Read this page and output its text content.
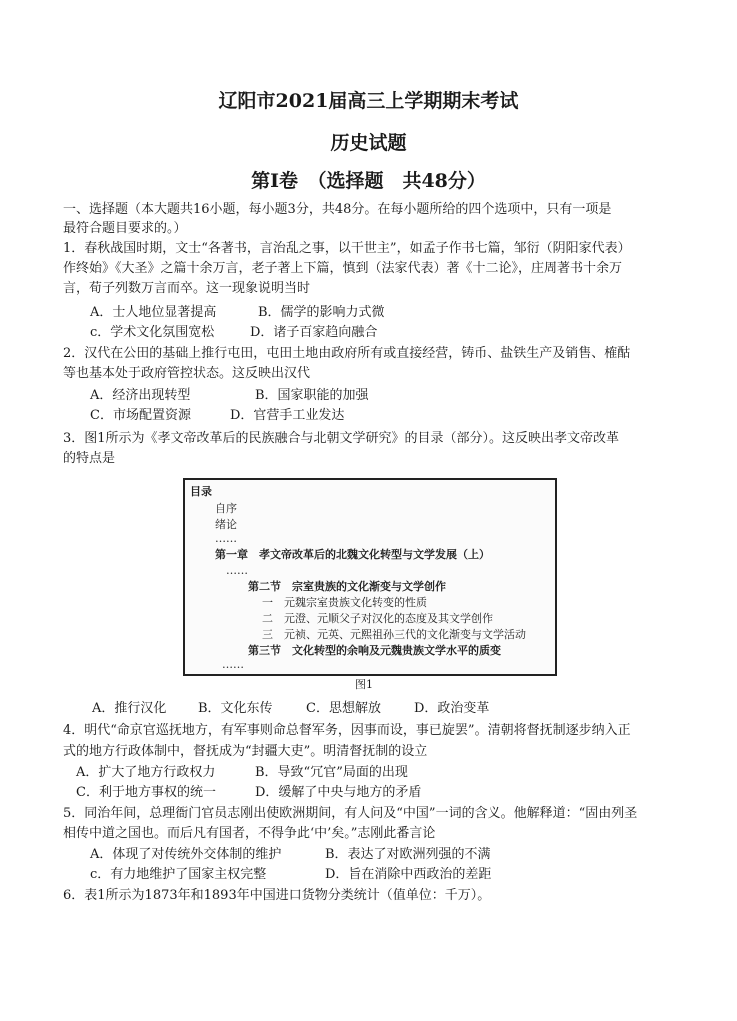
辽阳市2021届高三上学期期末考试
历史试题
第Ⅰ卷　（选择题　共48分）
一、选择题（本大题共16小题，每小题3分，共48分。在每小题所给的四个选项中，只有一项是
最符合题目要求的。）
1．春秋战国时期，文士“各著书，言治乱之事，以干世主”，如孟子作书七篇，邹衍（阴阳家代表）
作终始》《大圣》之篇十余万言，老子著上下篇，慎到（法家代表）著《十二论》，庄周著书十余万
言，荀子列数万言而卒。这一现象说明当时
A．士人地位显著提高	B．儒学的影响力式微
c．学术文化氛围宽松	D．诸子百家趋向融合
2．汉代在公田的基础上推行屯田，屯田土地由政府所有或直接经营，铸币、盐铁生产及销售、榷酤
等也基本处于政府管控状态。这反映出汉代
A．经济出现转型	B．国家职能的加强
C．市场配置资源	D．官营手工业发达
3．图1所示为《孝文帝改革后的民族融合与北朝文学研究》的目录（部分）。这反映出孝文帝改革
的特点是
目录
自序
绪论
……
第一章　孝文帝改革后的北魏文化转型与文学发展（上）
……
第二节　宗室贵族的文化渐变与文学创作
一　元魏宗室贵族文化转变的性质
二　元澄、元顺父子对汉化的态度及其文学创作
三　元祯、元英、元熙祖孙三代的文化渐变与文学活动
第三节　文化转型的余响及元魏贵族文学水平的质变
……
图1
A．推行汉化 B．文化东传	C．思想解放	D．政治变革
4．明代“命京官巡抚地方，有军事则命总督军务，因事而设，事已旋罢”。清朝将督抚制逐步纳入正
式的地方行政体制中，督抚成为“封疆大吏”。明清督抚制的设立
A．扩大了地方行政权力	B．导致“冗官”局面的出现
C．利于地方事权的统一	D．缓解了中央与地方的矛盾
5．同治年间，总理衙门官员志刚出使欧洲期间，有人问及“中国”一词的含义。他解释道：“固由列圣
相传中道之国也。而后凡有国者，不得争此‘中’矣。”志刚此番言论
A．体现了对传统外交体制的维护	B．表达了对欧洲列强的不满
c．有力地维护了国家主权完整	D．旨在消除中西政治的差距
6．表1所示为1873年和1893年中国进口货物分类统计（值单位：千万）。
